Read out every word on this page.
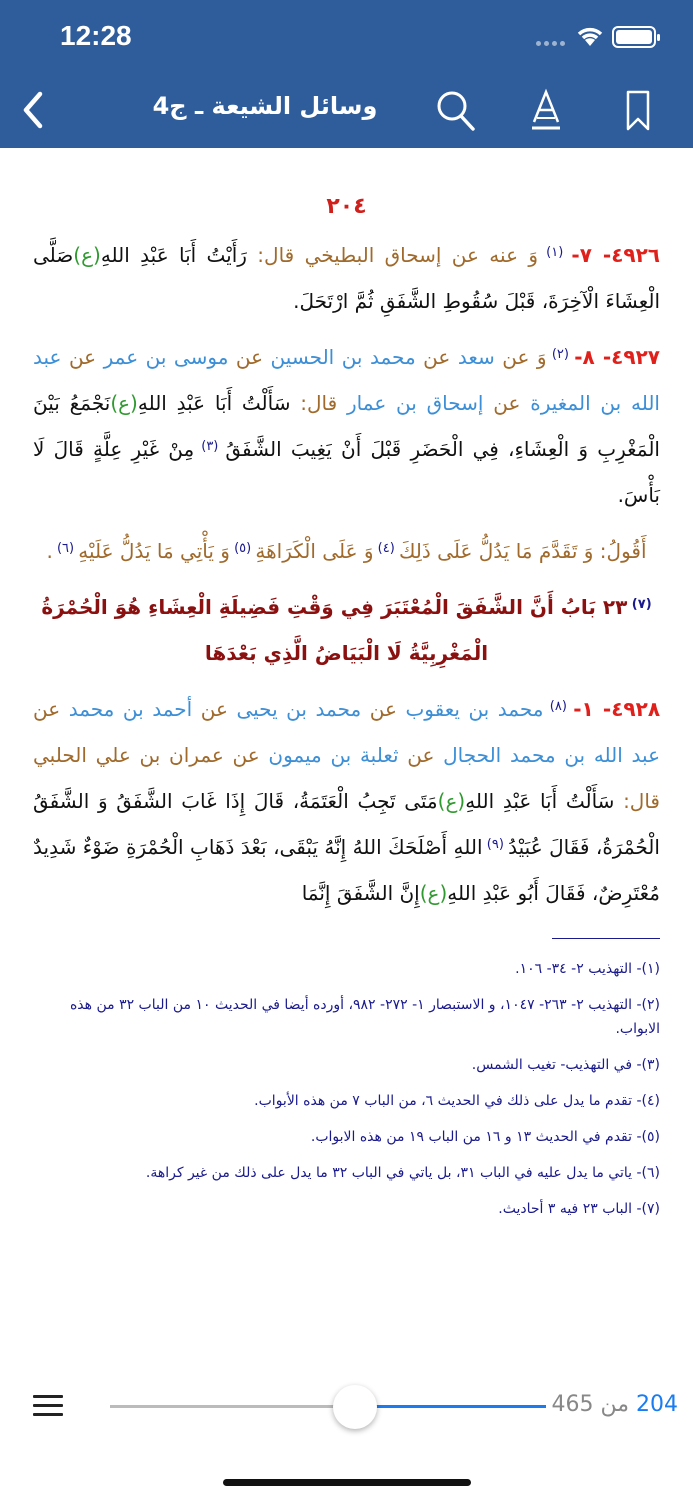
12:28
وسائل الشيعة ـ ج4
٢٠٤
٤٩٢٦- ٧- $^{(١)}$ وَ عنه عن إسحاق البطيخي قال: رَأَيْتُ أَبَا عَبْدِ اللهِ(ع)صَلَّى الْعِشَاءَ الْآخِرَةَ، قَبْلَ سُقُوطِ الشَّفَقِ ثُمَّ ارْتَحَلَ.
٤٩٢٧- ٨- $^{(٢)}$ وَ عن سعد عن محمد بن الحسين عن موسى بن عمر عن عبد الله بن المغيرة عن إسحاق بن عمار قال: سَأَلْتُ أَبَا عَبْدِ اللهِ(ع)نَجْمَعُ بَيْنَ الْمَغْرِبِ وَ الْعِشَاءِ، فِي الْحَضَرِ قَبْلَ أَنْ يَغِيبَ الشَّفَقُ $^{(٣)}$ مِنْ غَيْرِ عِلَّةٍ قَالَ لَا بَأْسَ.
أَقُولُ: وَ تَقَدَّمَ مَا يَدُلُّ عَلَى ذَلِكَ $^{(٤)}$ وَ عَلَى الْكَرَاهَةِ $^{(٥)}$ وَ يَأْتِي مَا يَدُلُّ عَلَيْهِ $^{(٦)}$ .
$^{(٧)}$ ٢٣ بَابُ أَنَّ الشَّفَقَ الْمُعْتَبَرَ فِي وَقْتِ فَضِيلَةِ الْعِشَاءِ هُوَ الْحُمْرَةُ الْمَغْرِبِيَّةُ لَا الْبَيَاضُ الَّذِي بَعْدَهَا
٤٩٢٨- ١- $^{(٨)}$ محمد بن يعقوب عن محمد بن يحيى عن أحمد بن محمد عن عبد الله بن محمد الحجال عن ثعلبة بن ميمون عن عمران بن علي الحلبي قال: سَأَلْتُ أَبَا عَبْدِ اللهِ(ع)مَتَى تَجِبُ الْعَتَمَةُ، قَالَ إِذَا غَابَ الشَّفَقُ وَ الشَّفَقُ الْحُمْرَةُ، فَقَالَ عُبَيْدُ $^{(٩)}$ اللهِ أَصْلَحَكَ اللهُ إِنَّهُ يَبْقَى، بَعْدَ ذَهَابِ الْحُمْرَةِ ضَوْءٌ شَدِيدٌ مُعْتَرِضٌ، فَقَالَ أَبُو عَبْدِ اللهِ(ع)إِنَّ الشَّفَقَ إِنَّمَا
(١)- التهذيب ٢- ٣٤- ١٠٦.
(٢)- التهذيب ٢- ٢٦٣- ١٠٤٧، و الاستبصار ١- ٢٧٢- ٩٨٢، أورده أيضا في الحديث ١٠ من الباب ٣٢ من هذه الابواب.
(٣)- في التهذيب- تغيب الشمس.
(٤)- تقدم ما يدل على ذلك في الحديث ٦، من الباب ٧ من هذه الأبواب.
(٥)- تقدم في الحديث ١٣ و ١٦ من الباب ١٩ من هذه الابواب.
(٦)- ياتي ما يدل عليه في الباب ٣١، بل ياتي في الباب ٣٢ ما يدل على ذلك من غير كراهة.
(٧)- الباب ٢٣ فيه ٣ أحاديث.
204 من 465
